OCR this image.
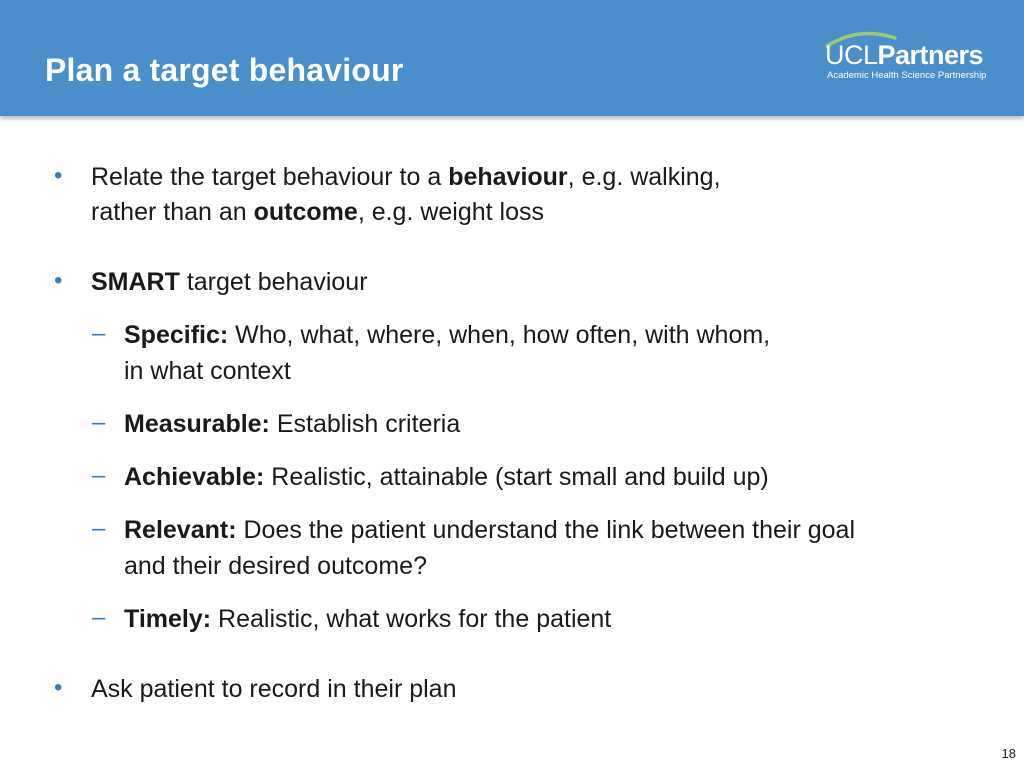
Plan a target behaviour	UCLPartners
Academic Health Science Partnership
• Relate the target behaviour to a behaviour, e.g. walking,
rather than an outcome, e.g. weight loss
• SMART target behaviour
– Specific: Who, what, where, when, how often, with whom,
in what context
– Measurable: Establish criteria
– Achievable: Realistic, attainable (start small and build up)
– Relevant: Does the patient understand the link between their goal
and their desired outcome?
– Timely: Realistic, what works for the patient
• Ask patient to record in their plan
18
